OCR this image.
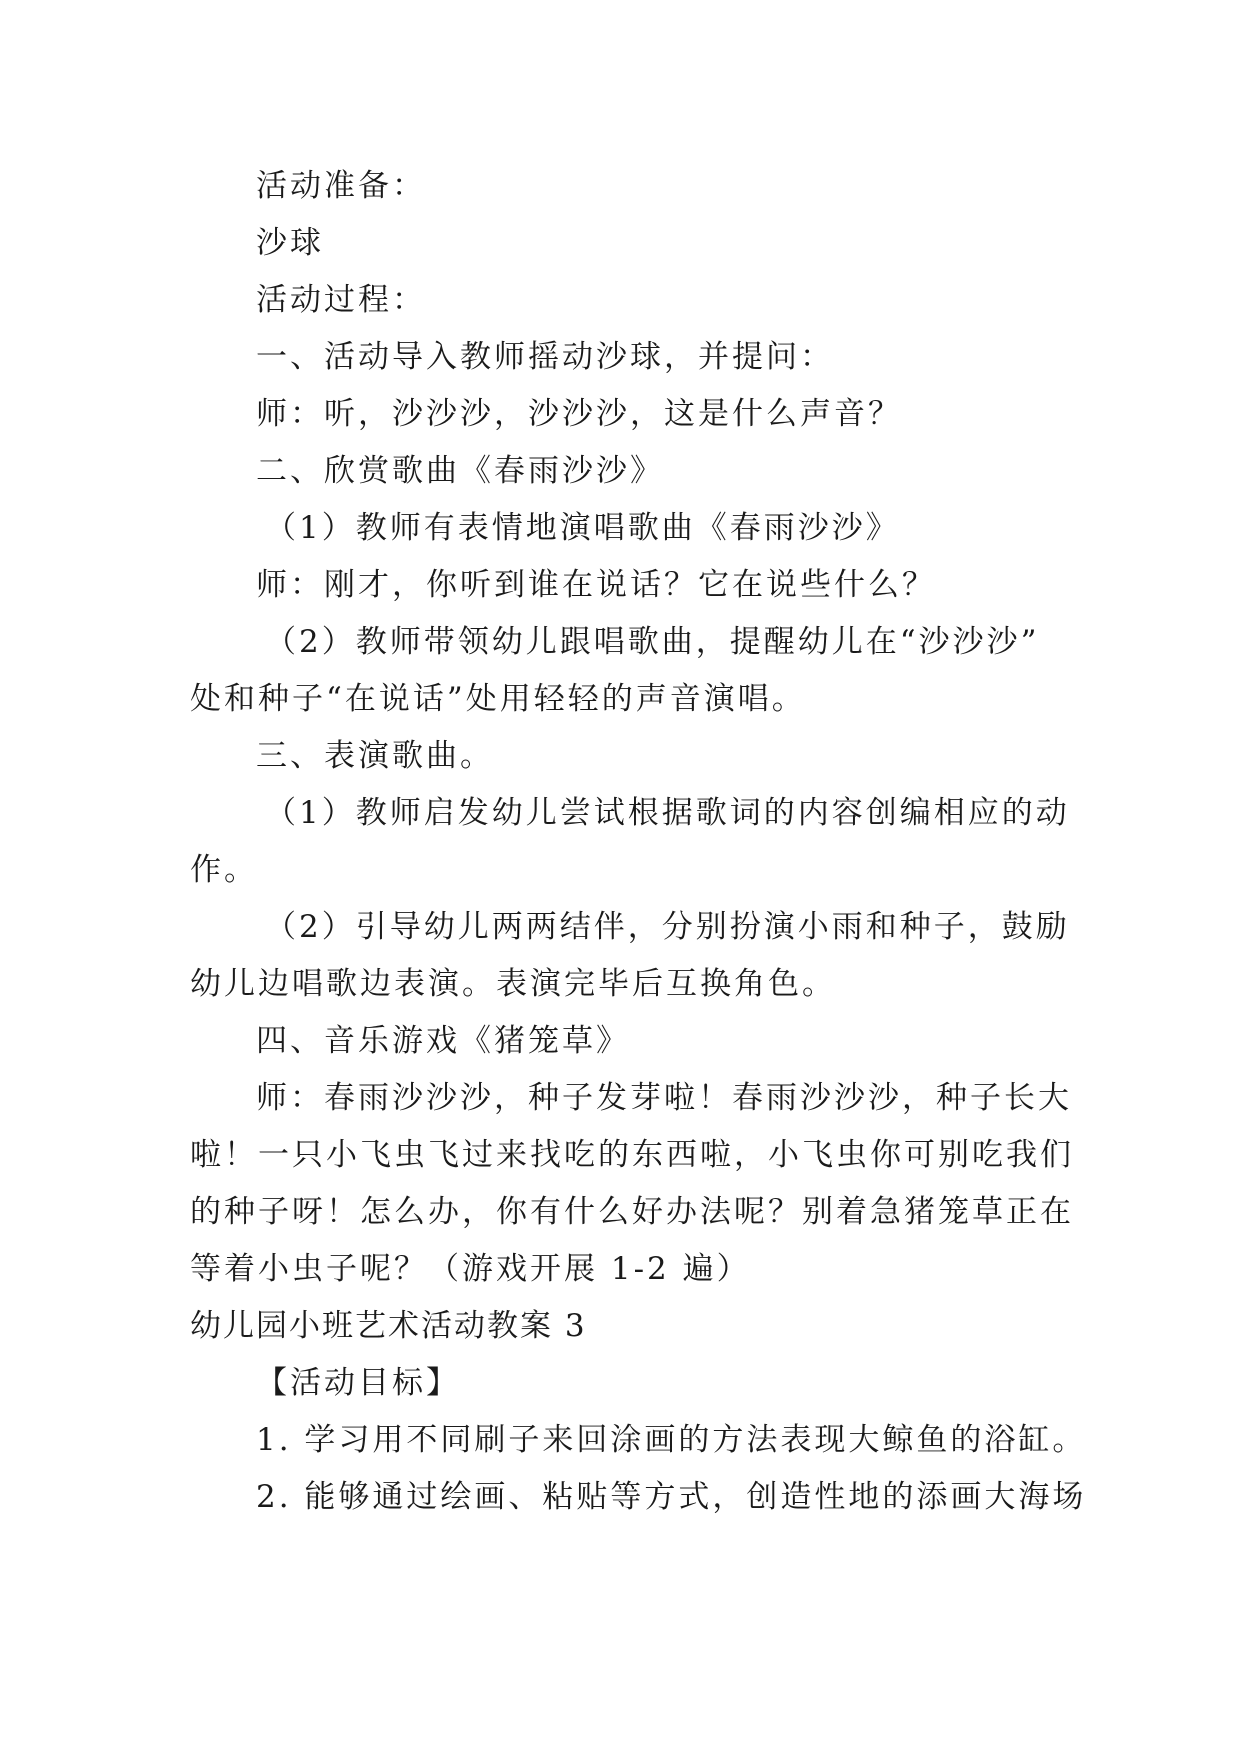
活动准备：
沙球
活动过程：
一、活动导入教师摇动沙球，并提问：
师：听，沙沙沙，沙沙沙，这是什么声音？
二、欣赏歌曲《春雨沙沙》
（1）教师有表情地演唱歌曲《春雨沙沙》
师：刚才，你听到谁在说话？它在说些什么？
（2）教师带领幼儿跟唱歌曲，提醒幼儿在“沙沙沙”
处和种子“在说话”处用轻轻的声音演唱。
三、表演歌曲。
（1）教师启发幼儿尝试根据歌词的内容创编相应的动
作。
（2）引导幼儿两两结伴，分别扮演小雨和种子，鼓励
幼儿边唱歌边表演。表演完毕后互换角色。
四、音乐游戏《猪笼草》
师：春雨沙沙沙，种子发芽啦！春雨沙沙沙，种子长大
啦！一只小飞虫飞过来找吃的东西啦，小飞虫你可别吃我们
的种子呀！怎么办，你有什么好办法呢？别着急猪笼草正在
等着小虫子呢？（游戏开展 1-2 遍）
幼儿园小班艺术活动教案 3
【活动目标】
1. 学习用不同刷子来回涂画的方法表现大鲸鱼的浴缸。
2. 能够通过绘画、粘贴等方式，创造性地的添画大海场
